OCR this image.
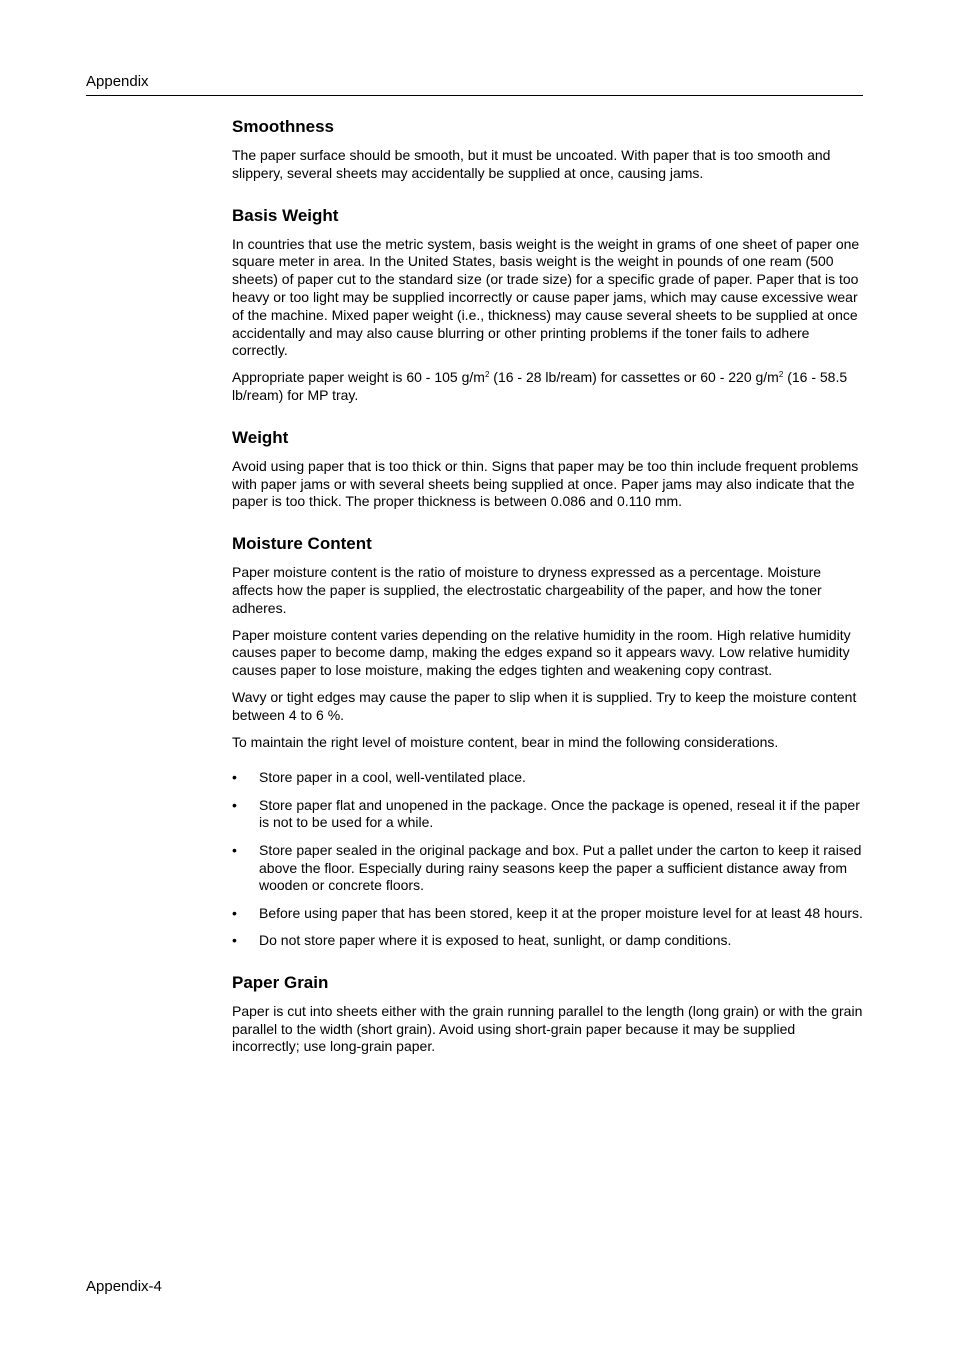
Appendix
Smoothness

The paper surface should be smooth, but it must be uncoated. With paper that is too smooth and slippery, several sheets may accidentally be supplied at once, causing jams.

Basis Weight

In countries that use the metric system, basis weight is the weight in grams of one sheet of paper one square meter in area. In the United States, basis weight is the weight in pounds of one ream (500 sheets) of paper cut to the standard size (or trade size) for a specific grade of paper. Paper that is too heavy or too light may be supplied incorrectly or cause paper jams, which may cause excessive wear of the machine. Mixed paper weight (i.e., thickness) may cause several sheets to be supplied at once accidentally and may also cause blurring or other printing problems if the toner fails to adhere correctly.

Appropriate paper weight is 60 - 105 $g/m^2$ (16 - 28 lb/ream) for cassettes or 60 - 220 $g/m^2$ (16 - 58.5 lb/ream) for MP tray.

Weight

Avoid using paper that is too thick or thin. Signs that paper may be too thin include frequent problems with paper jams or with several sheets being supplied at once. Paper jams may also indicate that the paper is too thick. The proper thickness is between 0.086 and 0.110 mm.

Moisture Content

Paper moisture content is the ratio of moisture to dryness expressed as a percentage. Moisture affects how the paper is supplied, the electrostatic chargeability of the paper, and how the toner adheres.

Paper moisture content varies depending on the relative humidity in the room. High relative humidity causes paper to become damp, making the edges expand so it appears wavy. Low relative humidity causes paper to lose moisture, making the edges tighten and weakening copy contrast.

Wavy or tight edges may cause the paper to slip when it is supplied. Try to keep the moisture content between 4 to 6 %.

To maintain the right level of moisture content, bear in mind the following considerations.

• Store paper in a cool, well-ventilated place.
• Store paper flat and unopened in the package. Once the package is opened, reseal it if the paper is not to be used for a while.
• Store paper sealed in the original package and box. Put a pallet under the carton to keep it raised above the floor. Especially during rainy seasons keep the paper a sufficient distance away from wooden or concrete floors.
• Before using paper that has been stored, keep it at the proper moisture level for at least 48 hours.
• Do not store paper where it is exposed to heat, sunlight, or damp conditions.
Paper Grain

Paper is cut into sheets either with the grain running parallel to the length (long grain) or with the grain parallel to the width (short grain). Avoid using short-grain paper because it may be supplied incorrectly; use long-grain paper.

Appendix-4
